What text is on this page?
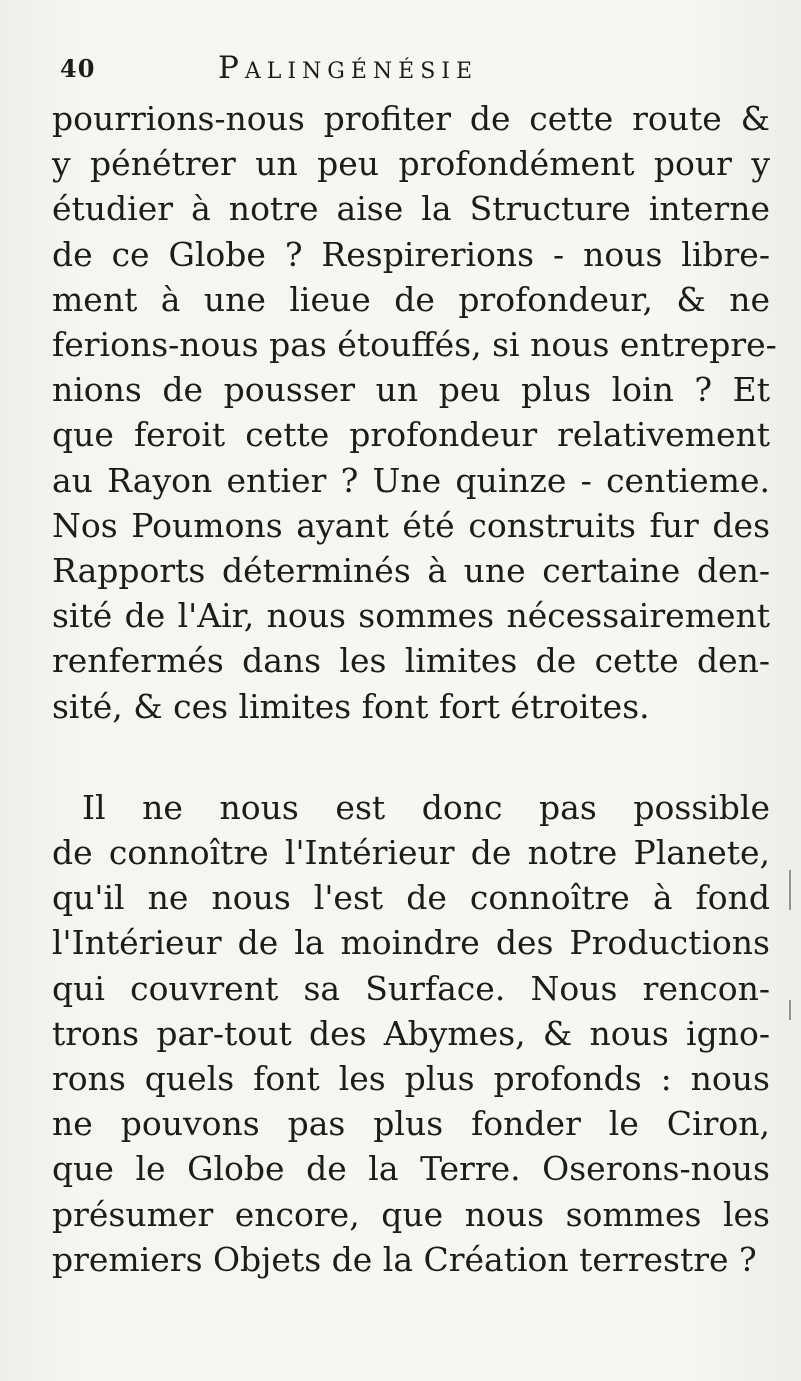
40	Palingénésie
pourrions-nous profiter de cette route &
y pénétrer un peu profondément pour y
étudier à notre aise la Structure interne
de ce Globe ? Respirerions - nous libre-
ment à une lieue de profondeur, & ne
ferions-nous pas étouffés, si nous entrepre-
nions de pousser un peu plus loin ? Et
que feroit cette profondeur relativement
au Rayon entier ? Une quinze - centieme.
Nos Poumons ayant été construits fur des
Rapports déterminés à une certaine den-
sité de l'Air, nous sommes nécessairement
renfermés dans les limites de cette den-
sité, & ces limites font fort étroites.
Il ne nous est donc pas possible
de connoître l'Intérieur de notre Planete,
qu'il ne nous l'est de connoître à fond
l'Intérieur de la moindre des Productions
qui couvrent sa Surface. Nous rencon-
trons par-tout des Abymes, & nous igno-
rons quels font les plus profonds : nous
ne pouvons pas plus fonder le Ciron,
que le Globe de la Terre. Oserons-nous
présumer encore, que nous sommes les
premiers Objets de la Création terrestre ?
